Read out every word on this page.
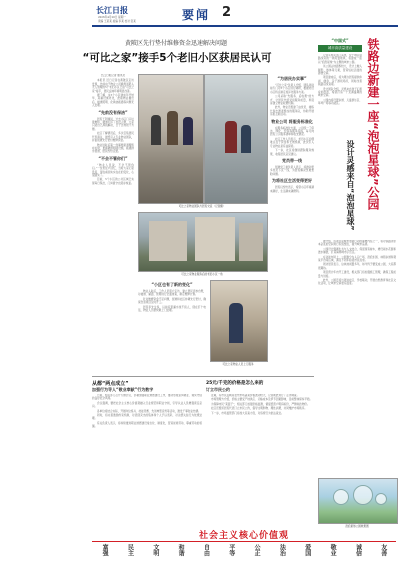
长江日报
2026年4月20日 星期一
责编 王某某 美编 李某 校对 张某	要闻 2
黄陂区先行垫付维修资金迅速解决问题
“可比之家”接手5个老旧小区获居民认可
长江日报记者 通讯员

本报讯 近日记者在黄陂区走访发现，先前由于物业公司撤离而陷入无人管理的5个老旧小区已由“可比之家”接手，居民反映环境明显改善。

据了解，这5个小区建成年代较早，房屋设施老化，此前物业撤出后，楼道照明、化粪池疏通等问题无人处理。

“先前没有保洁”

居民王阿姨说，过去小区门口垃圾堆积，楼道灯坏了也没人修，大家只能自己凑钱解决，日子过得很不方便。

社区了解情况后，多次召集居民代表商议，最终引入专业物业团队，并由街道先行垫付维修资金。

物业进驻后第一件事便是清理积存垃圾，更换破损照明设施，疏通排水管道，居民纷纷点赞。

“不会不管你们”

“物业人员说，不会不管你们。”一位老住户回忆，当时大家心里没底，现在看到实实在在的变化，心里踏实了。

目前，5个小区的公共区域已实现每日保洁，门岗值守也逐步恢复。

可比之家物业团队与居民交流（记者摄）
可比之家物业服务后的老旧小区一角
“小区也有了新的变化”

物业入驻后，工作人员逐户走访，建立居民需求台账，对楼道、屋面、管网进行全面排查，制定维修计划。

针对维修资金不足问题，街道和社区协调先行垫付，确保急需项目及时开工。

居民李先生说，以前家里漏水找不到人，现在打个电话，物业人员很快就上门处理。

可比之家物业人员上门服务
“为居民办实事”

“可比之家”负责人介绍，团队进驻前专门对5个小区进行调研，根据老旧小区特点制定差异化服务方案。

公司采取“先服务、后收费”的方式，让居民先感受到服务质量，再逐步建立物业收费机制。

此外，物业还组建了由党员、楼栋长和志愿者组成的服务队，协助开展邻里互助活动。

物业公司 将服务标准化

在服务标准化方面，公司统一了保洁、绿化、安保等服务流程，每月向居民公示服务清单和收支情况。

社区工作人员表示，老旧小区治理难点在于资金和长效机制，此次引入专业物业是有益探索。

下一步，社区将继续跟踪服务效果，收集居民意见建议。

党员带一线

街道党工委负责人表示，将推动更多党员下沉一线，为居民解决急难愁盼问题。

为将社区生活变得更好

居民们纷纷表示，希望小区环境越来越好，生活越来越便利。

“中国式”
城市高质量建设

记者从相关部门获悉，位于城区铁路线旁的一块闲置地块，将建成一座以“泡泡星球”为主题的城市公园。

该公园占地面积较大，设计上融入圆形、球体等元素，营造轻松活泼的游憩空间。

项目建成后，将为周边居民提供休闲、健身、亲子游玩场所，同时改善铁路沿线景观。

设计团队介绍，灵感来自孩子们喜爱的泡泡，希望打造一个充满童趣的城市空间。

公园内将设置步道、儿童游乐区、草坪广场等功能区。	铁路边新建一座“泡泡星球”公园
设计灵感来自“泡泡星球”

据介绍，该项目是城市更新行动的重要内容之一，将对铁路边原本杂乱的空间进行系统整治，提升城市品质。

公园设计强调生态与人文结合，保留现有树木，增设雨水花园和透水铺装，打造海绵城市示范点。

在功能布局上，公园划分为入口广场、泡泡乐园、林荫步道和观景平台等区域，满足不同年龄段市民需求。

周边居民表示，这块地闲置多年，如今终于要变成公园，大家都很期待。

项目预计年内开工建设，相关部门将加强施工管理，确保工程质量与进度。

此外，公园还将与周边社区、学校联动，开展自然教育和社区文化活动，让城市空间更有温度。

泡泡星球公园效果图
从都“两点成立”
加强行为导人“敬业奉献”行为数字

日前，相关部门召开专题会议，部署加强职业道德建设工作，推动形成爱岗敬业、诚实守信的良好社会风尚。

会议强调，要把社会主义核心价值观融入行业规范和职业守则，引导从业人员增强责任意识。

各单位将结合实际，开展岗位练兵、技能竞赛、先进典型宣传等活动，激发干事创业热情。

同时，将完善激励约束机制，对表现突出的集体和个人予以表彰，对失德失信行为依规处理。

有关负责人表示，将持续推进职业道德建设常态化、制度化，营造崇尚劳动、尊重劳动的氛围。

25元/千克的价格是怎么来的
订立市民公约

近期，有市民反映某农贸市场蔬菜价格波动较大，记者就此进行了走访调查。

市场管理方介绍，价格主要受产地供应、运输成本及季节因素影响，目前整体保持平稳。

为保障市民“菜篮子”，相关部门加强价格监测，督促经营户明码标价，严禁哄抬物价。

社区还组织居民代表订立市民公约，倡导文明购物、理性消费，共同维护市场秩序。

下一步，市场监管部门将加大巡查力度，对违规行为依法查处。

社会主义核心价值观
富强	民主	文明	和谐	自由	平等	公正	法治	爱国	敬业	诚信	友善
